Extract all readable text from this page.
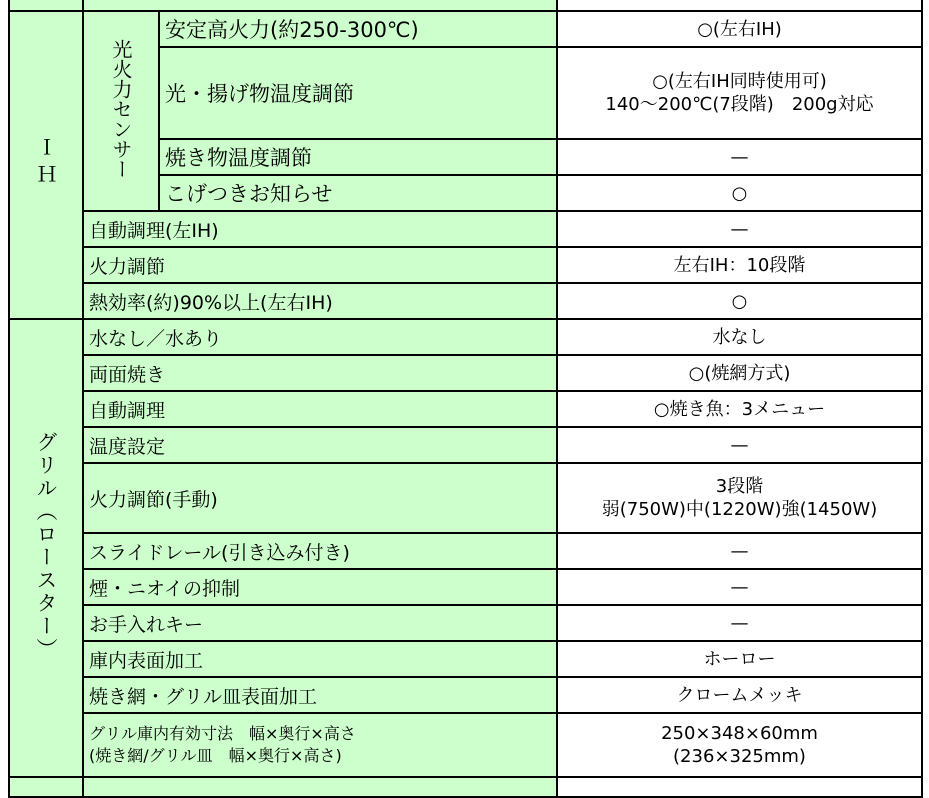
ＩＨ	光火力センサー	安定高火力(約250‐300℃)	○(左右IH)

		光・揚げ物温度調節	○(左右IH同時使用可)
140～200℃(7段階)　200g対応

		焼き物温度調節	—

		こげつきお知らせ	○

	自動調理(左IH)		—

	火力調節		左右IH：10段階

	熱効率(約)90%以上(左右IH)		○

グリル（ロースター）	水なし／水あり		水なし

	両面焼き		○(焼網方式)

	自動調理		○焼き魚：3メニュー

	温度設定		—

	火力調節(手動)		3段階
弱(750W)中(1220W)強(1450W)

	スライドレール(引き込み付き)		—

	煙・ニオイの抑制		—

	お手入れキー		—

	庫内表面加工		ホーロー

	焼き網・グリル皿表面加工		クロームメッキ

	グリル庫内有効寸法　幅×奥行×高さ
(焼き網/グリル皿　幅×奥行×高さ)		250×348×60mm
(236×325mm)
